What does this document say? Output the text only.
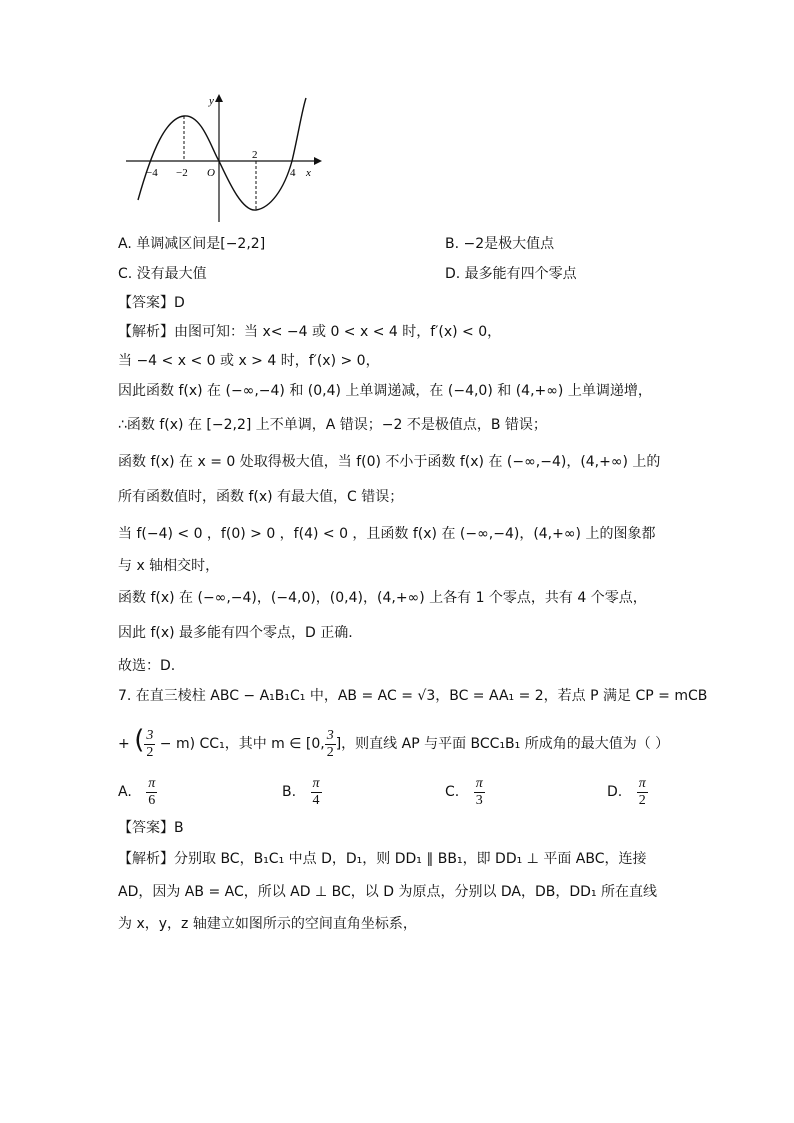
y
x
O
−4 −2
2
4
A. 单调减区间是[−2,2]	B. −2是极大值点
C. 没有最大值	D. 最多能有四个零点
【答案】D
【解析】由图可知：当 x< −4 或 0 < x < 4 时，f′(x) < 0，
当 −4 < x < 0 或 x > 4 时，f′(x) > 0，
因此函数 f(x) 在 (−∞,−4) 和 (0,4) 上单调递减，在 (−4,0) 和 (4,+∞) 上单调递增，
∴函数 f(x) 在 [−2,2] 上不单调，A 错误；−2 不是极值点，B 错误；
函数 f(x) 在 x = 0 处取得极大值，当 f(0) 不小于函数 f(x) 在 (−∞,−4)，(4,+∞) 上的
所有函数值时，函数 f(x) 有最大值，C 错误；
当 f(−4) < 0 ，f(0) > 0 ，f(4) < 0 ，且函数 f(x) 在 (−∞,−4)，(4,+∞) 上的图象都
与 x 轴相交时，
函数 f(x) 在 (−∞,−4)，(−4,0)，(0,4)，(4,+∞) 上各有 1 个零点，共有 4 个零点，
因此 f(x) 最多能有四个零点，D 正确.
故选：D.
7. 在直三棱柱 ABC − A₁B₁C₁ 中，AB = AC = √3，BC = AA₁ = 2，若点 P 满足 CP = mCB
+ ( $\frac{3}{2} - m$) CC₁，其中 m ∈ [0, $\frac{3}{2}$ ]，则直线 AP 与平面 BCC₁B₁ 所成角的最大值为（ ）
A. $\frac{\pi}{6}$	B. $\frac{\pi}{4}$	C. $\frac{\pi}{3}$	D. $\frac{\pi}{2}$
【答案】B
【解析】分别取 BC，B₁C₁ 中点 D，D₁，则 DD₁ ∥ BB₁，即 DD₁ ⊥ 平面 ABC，连接
AD，因为 AB = AC，所以 AD ⊥ BC，以 D 为原点，分别以 DA，DB，DD₁ 所在直线
为 x，y，z 轴建立如图所示的空间直角坐标系，
